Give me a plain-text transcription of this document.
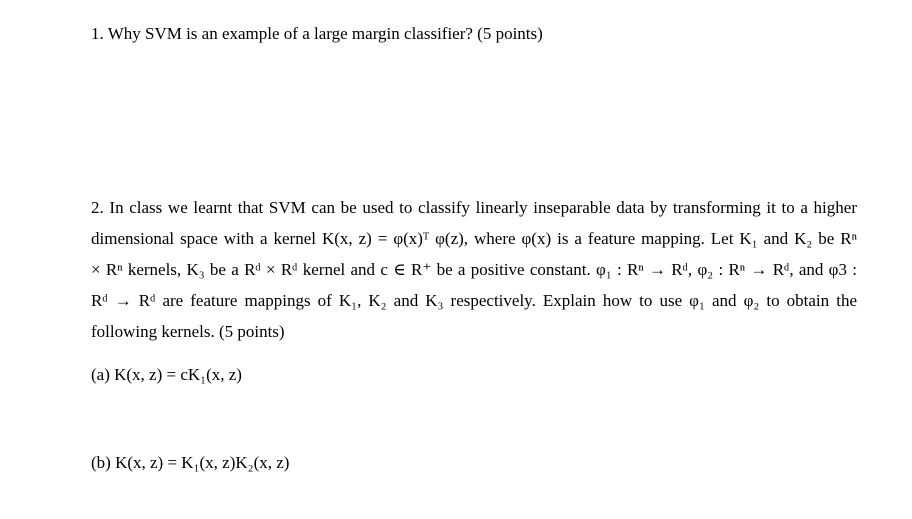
1. Why SVM is an example of a large margin classifier? (5 points)
2. In class we learnt that SVM can be used to classify linearly inseparable data by transforming it to a higher
dimensional space with a kernel K(x, z) = φ(x)ᵀ φ(z), where φ(x) is a feature mapping. Let K₁ and K₂ be Rⁿ
× Rⁿ kernels, K₃ be a Rᵈ × Rᵈ kernel and c ∈ R⁺ be a positive constant. φ₁ : Rⁿ → Rᵈ, φ₂ : Rⁿ → Rᵈ, and φ3 :
Rᵈ → Rᵈ are feature mappings of K₁, K₂ and K₃ respectively. Explain how to use φ₁ and φ₂ to obtain the
following kernels. (5 points)
(a) K(x, z) = cK₁(x, z)
(b) K(x, z) = K₁(x, z)K₂(x, z)
